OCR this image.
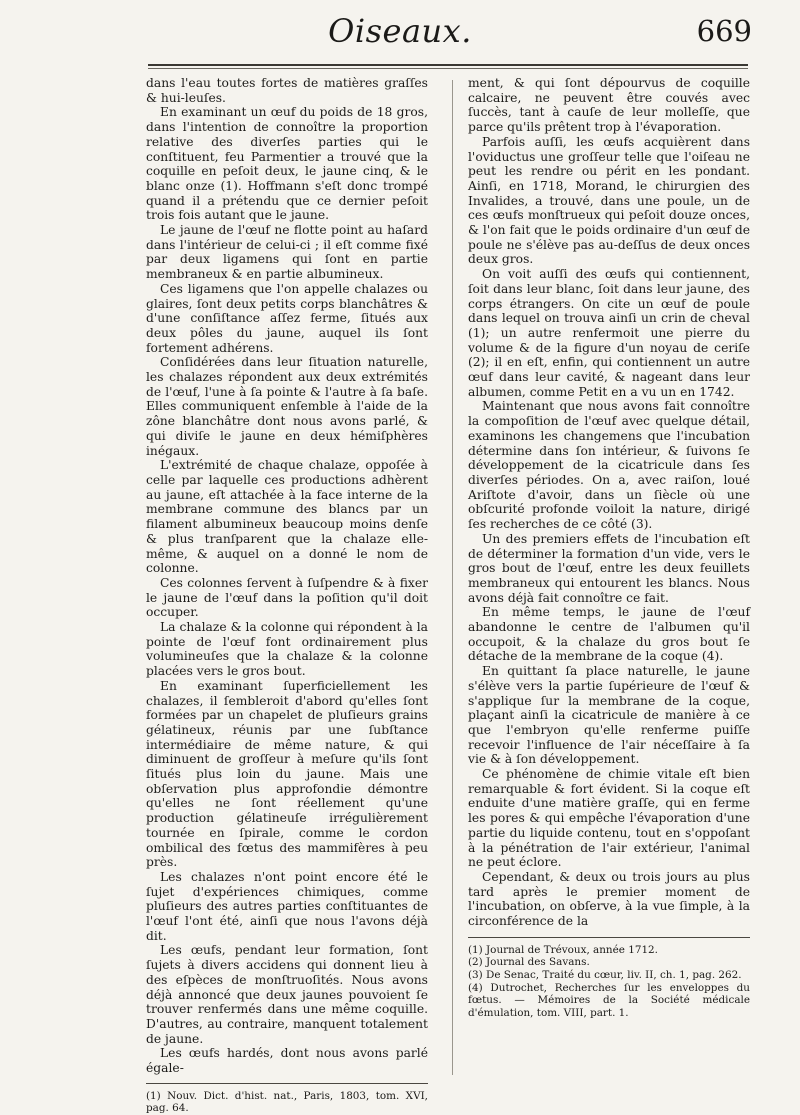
Oiseaux.	669

dans l'eau toutes fortes de matières graſſes & hui-leuſes.

En examinant un œuf du poids de 18 gros, dans l'intention de connoître la proportion relative des diverſes parties qui le conſtituent, feu Parmentier a trouvé que la coquille en peſoit deux, le jaune cinq, & le blanc onze (1). Hoffmann s'eſt donc trompé quand il a prétendu que ce dernier peſoit trois fois autant que le jaune.

Le jaune de l'œuf ne flotte point au haſard dans l'intérieur de celui-ci ; il eſt comme fixé par deux ligamens qui ſont en partie membraneux & en partie albumineux.

Ces ligamens que l'on appelle chalazes ou glaires, ſont deux petits corps blanchâtres & d'une conſiſtance aſſez ferme, ſitués aux deux pôles du jaune, auquel ils ſont fortement adhérens.

Conſidérées dans leur ſituation naturelle, les chalazes répondent aux deux extrémités de l'œuf, l'une à ſa pointe & l'autre à ſa baſe. Elles communiquent enſemble à l'aide de la zône blanchâtre dont nous avons parlé, & qui diviſe le jaune en deux hémiſphères inégaux.

L'extrémité de chaque chalaze, oppoſée à celle par laquelle ces productions adhèrent au jaune, eſt attachée à la face interne de la membrane commune des blancs par un filament albumineux beaucoup moins denſe & plus tranſparent que la chalaze elle-même, & auquel on a donné le nom de colonne.

Ces colonnes ſervent à ſuſpendre & à fixer le jaune de l'œuf dans la poſition qu'il doit occuper.

La chalaze & la colonne qui répondent à la pointe de l'œuf font ordinairement plus volumineuſes que la chalaze & la colonne placées vers le gros bout.

En examinant ſuperficiellement les chalazes, il ſembleroit d'abord qu'elles ſont formées par un chapelet de pluſieurs grains gélatineux, réunis par une ſubſtance intermédiaire de même nature, & qui diminuent de groſſeur à meſure qu'ils ſont ſitués plus loin du jaune. Mais une obſervation plus approfondie démontre qu'elles ne ſont réellement qu'une production gélatineuſe irrégulièrement tournée en ſpirale, comme le cordon ombilical des fœtus des mammifères à peu près.

Les chalazes n'ont point encore été le ſujet d'expériences chimiques, comme pluſieurs des autres parties conſtituantes de l'œuf l'ont été, ainſi que nous l'avons déjà dit.

Les œufs, pendant leur formation, ſont ſujets à divers accidens qui donnent lieu à des eſpèces de monſtruoſités. Nous avons déjà annoncé que deux jaunes pouvoient ſe trouver renfermés dans une même coquille. D'autres, au contraire, manquent totalement de jaune.

Les œufs hardés, dont nous avons parlé égale-

(1) Nouv. Dict. d'hist. nat., Paris, 1803, tom. XVI, pag. 64.

ment, & qui ſont dépourvus de coquille calcaire, ne peuvent être couvés avec ſuccès, tant à cauſe de leur molleſſe, que parce qu'ils prêtent trop à l'évaporation.

Parfois auſſi, les œufs acquièrent dans l'oviductus une groſſeur telle que l'oiſeau ne peut les rendre ou périt en les pondant. Ainſi, en 1718, Morand, le chirurgien des Invalides, a trouvé, dans une poule, un de ces œufs monſtrueux qui peſoit douze onces, & l'on fait que le poids ordinaire d'un œuf de poule ne s'élève pas au-deſſus de deux onces deux gros.

On voit auſſi des œufs qui contiennent, ſoit dans leur blanc, ſoit dans leur jaune, des corps étrangers. On cite un œuf de poule dans lequel on trouva ainſi un crin de cheval (1); un autre renfermoit une pierre du volume & de la figure d'un noyau de ceriſe (2); il en eſt, enfin, qui contiennent un autre œuf dans leur cavité, & nageant dans leur albumen, comme Petit en a vu un en 1742.

Maintenant que nous avons fait connoître la compoſition de l'œuf avec quelque détail, examinons les changemens que l'incubation détermine dans ſon intérieur, & ſuivons ſe développement de la cicatricule dans ſes diverſes périodes. On a, avec raiſon, loué Ariſtote d'avoir, dans un ſiècle où une obſcurité profonde voiloit la nature, dirigé ſes recherches de ce côté (3).

Un des premiers effets de l'incubation eſt de déterminer la formation d'un vide, vers le gros bout de l'œuf, entre les deux feuillets membraneux qui entourent les blancs. Nous avons déjà fait connoître ce fait.

En même temps, le jaune de l'œuf abandonne le centre de l'albumen qu'il occupoit, & la chalaze du gros bout ſe détache de la membrane de la coque (4).

En quittant ſa place naturelle, le jaune s'élève vers la partie ſupérieure de l'œuf & s'applique ſur la membrane de la coque, plaçant ainſi la cicatricule de manière à ce que l'embryon qu'elle renferme puiſſe recevoir l'influence de l'air néceſſaire à ſa vie & à ſon développement.

Ce phénomène de chimie vitale eſt bien remarquable & fort évident. Si la coque eſt enduite d'une matière graſſe, qui en ferme les pores & qui empêche l'évaporation d'une partie du liquide contenu, tout en s'oppoſant à la pénétration de l'air extérieur, l'animal ne peut éclore.

Cependant, & deux ou trois jours au plus tard après le premier moment de l'incubation, on obſerve, à la vue ſimple, à la circonférence de la

(1) Journal de Trévoux, année 1712.
(2) Journal des Savans.
(3) De Senac, Traité du cœur, liv. II, ch. 1, pag. 262.
(4) Dutrochet, Recherches ſur les enveloppes du fœtus. — Mémoires de la Société médicale d'émulation, tom. VIII, part. 1.
